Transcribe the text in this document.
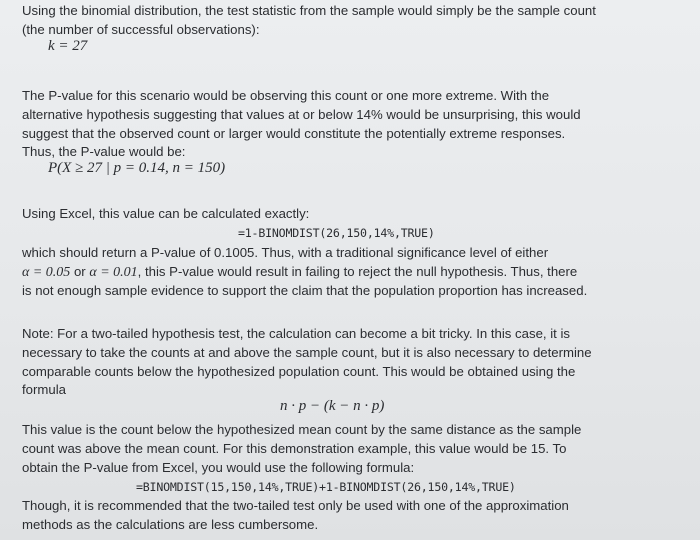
Using the binomial distribution, the test statistic from the sample would simply be the sample count
(the number of successful observations):
k = 27
The P-value for this scenario would be observing this count or one more extreme. With the
alternative hypothesis suggesting that values at or below 14% would be unsurprising, this would
suggest that the observed count or larger would constitute the potentially extreme responses.
Thus, the P-value would be:
P(X ≥ 27 | p = 0.14, n = 150)
Using Excel, this value can be calculated exactly:
=1-BINOMDIST(26,150,14%,TRUE)
which should return a P-value of 0.1005. Thus, with a traditional significance level of either
α = 0.05 or α = 0.01, this P-value would result in failing to reject the null hypothesis. Thus, there
is not enough sample evidence to support the claim that the population proportion has increased.
Note: For a two-tailed hypothesis test, the calculation can become a bit tricky. In this case, it is
necessary to take the counts at and above the sample count, but it is also necessary to determine
comparable counts below the hypothesized population count. This would be obtained using the
formula
n · p − (k − n · p)
This value is the count below the hypothesized mean count by the same distance as the sample
count was above the mean count. For this demonstration example, this value would be 15. To
obtain the P-value from Excel, you would use the following formula:
=BINOMDIST(15,150,14%,TRUE)+1-BINOMDIST(26,150,14%,TRUE)
Though, it is recommended that the two-tailed test only be used with one of the approximation
methods as the calculations are less cumbersome.
